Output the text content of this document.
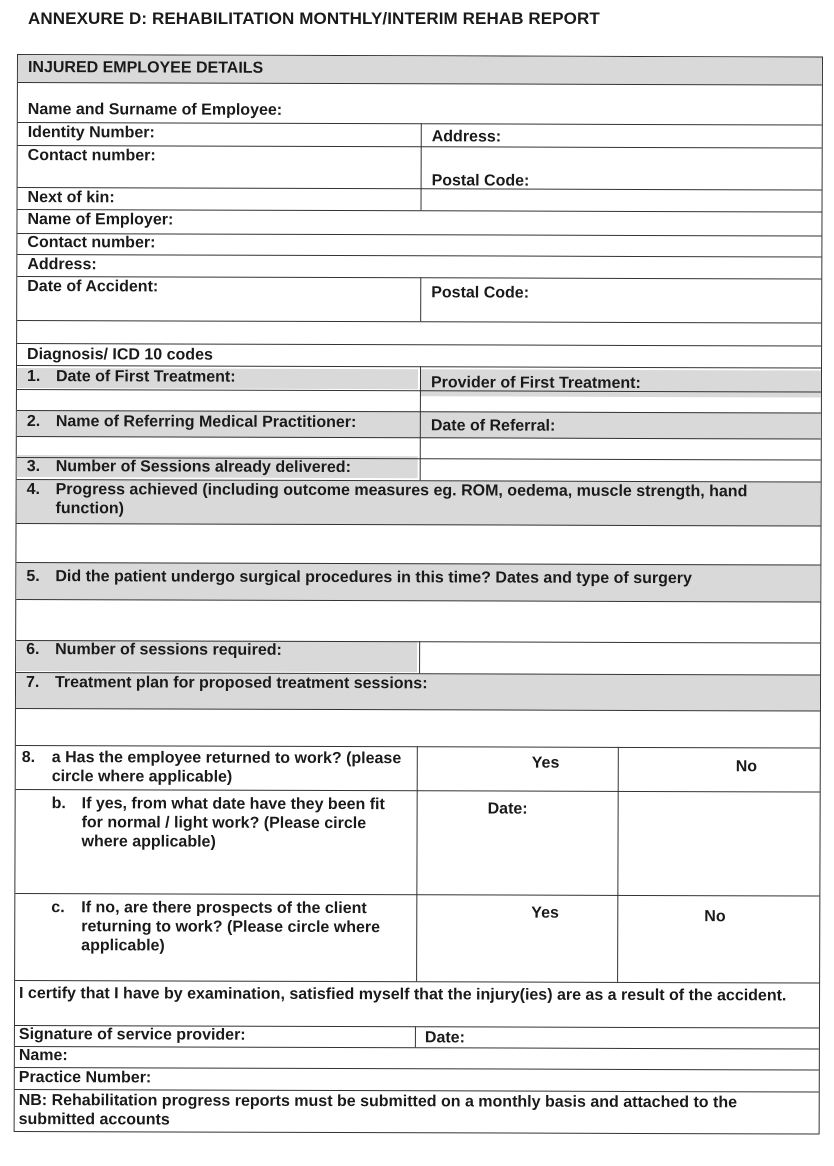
ANNEXURE D: REHABILITATION MONTHLY/INTERIM REHAB REPORT
INJURED EMPLOYEE DETAILS
Name and Surname of Employee:
Identity Number:	Address:
Contact number:
Postal Code:
Next of kin:
Name of Employer:
Contact number:
Address:
Date of Accident:	Postal Code:
Diagnosis/ ICD 10 codes
1. Date of First Treatment:	Provider of First Treatment:
2. Name of Referring Medical Practitioner:	Date of Referral:
3. Number of Sessions already delivered:
4. Progress achieved (including outcome measures eg. ROM, oedema, muscle strength, hand function)
5. Did the patient undergo surgical procedures in this time? Dates and type of surgery
6. Number of sessions required:
7. Treatment plan for proposed treatment sessions:
8. a Has the employee returned to work? (please circle where applicable)
Yes	No
b. If yes, from what date have they been fit for normal / light work? (Please circle where applicable)
Date:
c. If no, are there prospects of the client returning to work? (Please circle where applicable)
Yes	No
I certify that I have by examination, satisfied myself that the injury(ies) are as a result of the accident.
Signature of service provider:	Date:
Name:
Practice Number:
NB: Rehabilitation progress reports must be submitted on a monthly basis and attached to the submitted accounts
